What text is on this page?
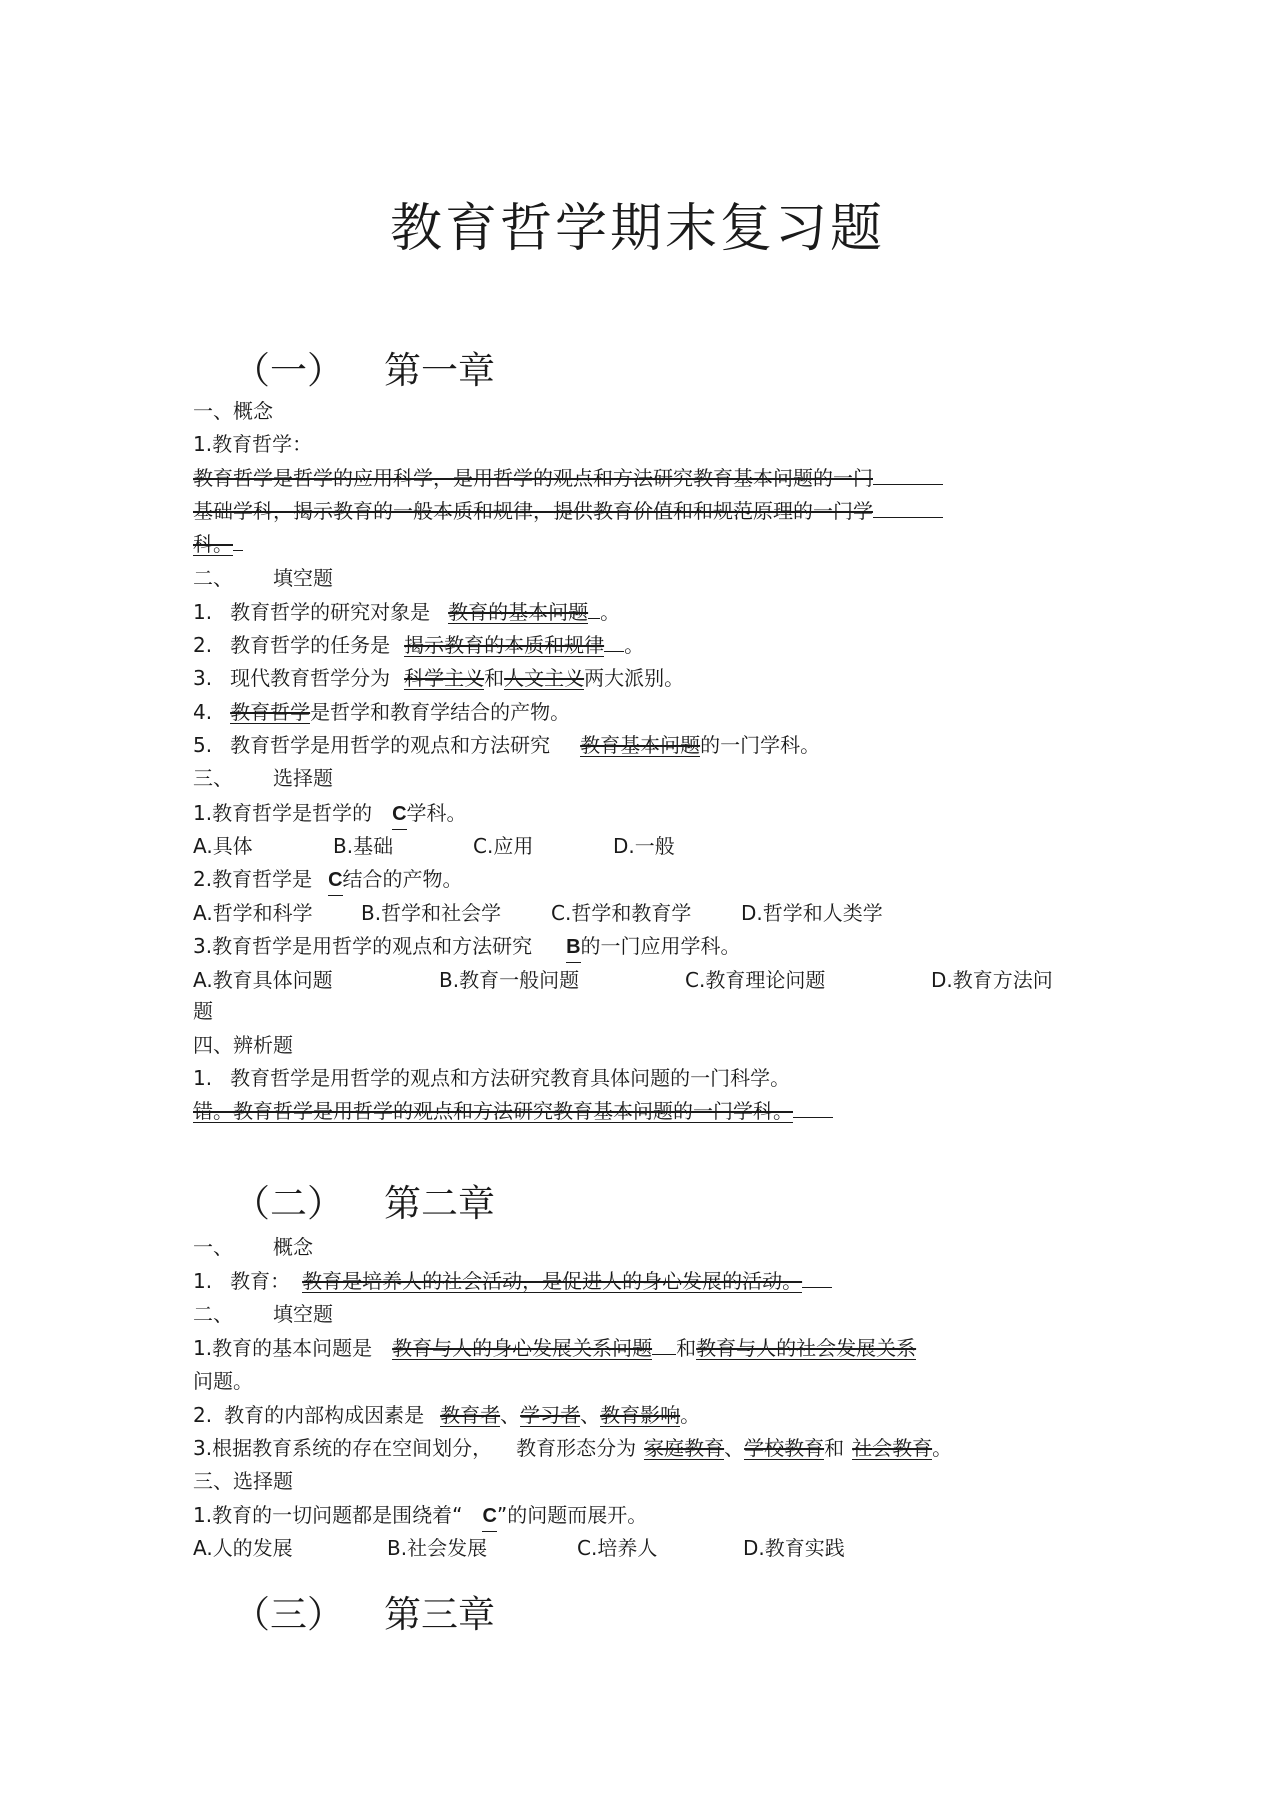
教育哲学期末复习题
（一） 第一章
一、概念
1.教育哲学：
教育哲学是哲学的应用科学，是用哲学的观点和方法研究教育基本问题的一门
基础学科，揭示教育的一般本质和规律，提供教育价值和和规范原理的一门学
科。
二、 填空题
1. 教育哲学的研究对象是 教育的基本问题 。
2. 教育哲学的任务是 揭示教育的本质和规律 。
3. 现代教育哲学分为 科学主义和人文主义两大派别。
4. 教育哲学是哲学和教育学结合的产物。
5. 教育哲学是用哲学的观点和方法研究 教育基本问题的一门学科。
三、 选择题
1.教育哲学是哲学的 C学科。
A.具体	B.基础	C.应用	D.一般
2.教育哲学是 C结合的产物。
A.哲学和科学 B.哲学和社会学 C.哲学和教育学 D.哲学和人类学
3.教育哲学是用哲学的观点和方法研究 B的一门应用学科。
A.教育具体问题	B.教育一般问题	C.教育理论问题	D.教育方法问
题
四、辨析题
1. 教育哲学是用哲学的观点和方法研究教育具体问题的一门科学。
错。教育哲学是用哲学的观点和方法研究教育基本问题的一门学科。
（二） 第二章
一、 概念
1. 教育： 教育是培养人的社会活动，是促进人的身心发展的活动。
二、 填空题
1.教育的基本问题是 教育与人的身心发展关系问题 和教育与人的社会发展关系
问题。
2. 教育的内部构成因素是 教育者、学习者、教育影响。
3.根据教育系统的存在空间划分， 教育形态分为 家庭教育、学校教育和 社会教育。
三、选择题
1.教育的一切问题都是围绕着“ C”的问题而展开。
A.人的发展	B.社会发展	C.培养人	D.教育实践
（三） 第三章
